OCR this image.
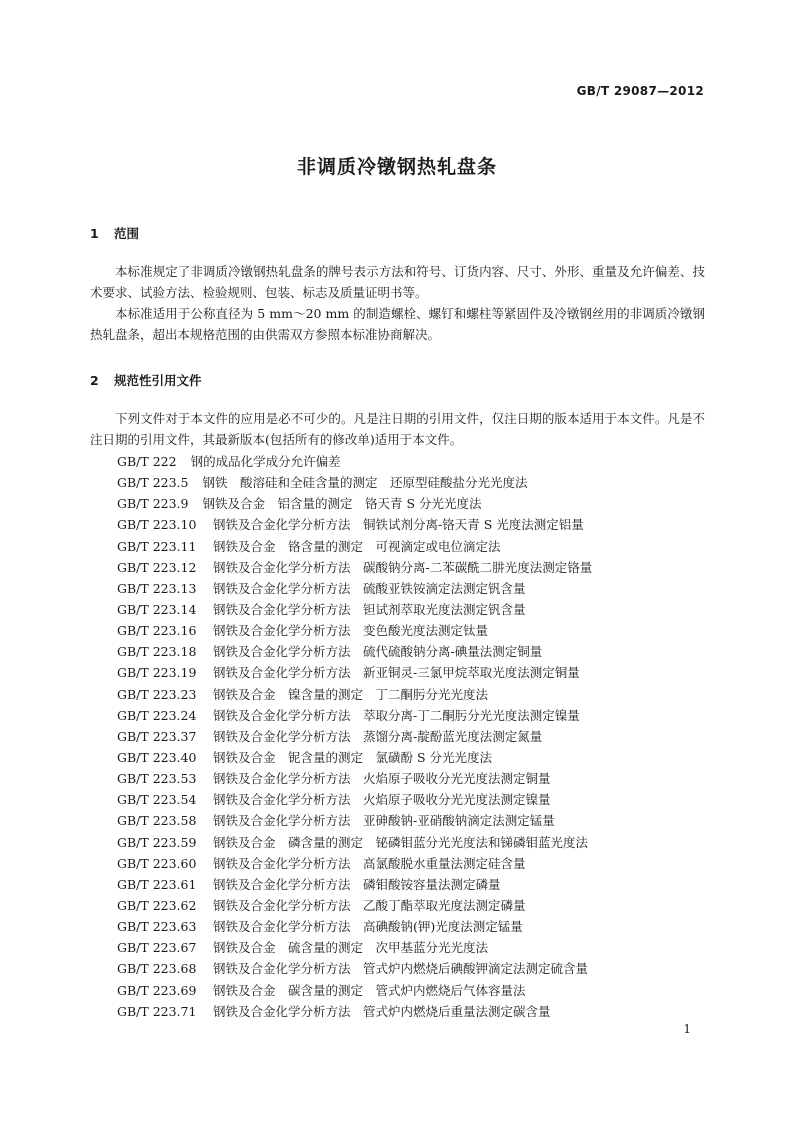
GB/T 29087—2012
非调质冷镦钢热轧盘条
1 范围
本标准规定了非调质冷镦钢热轧盘条的牌号表示方法和符号、订货内容、尺寸、外形、重量及允许偏差、技术要求、试验方法、检验规则、包装、标志及质量证明书等。
本标准适用于公称直径为 5 mm～20 mm 的制造螺栓、螺钉和螺柱等紧固件及冷镦钢丝用的非调质冷镦钢热轧盘条，超出本规格范围的由供需双方参照本标准协商解决。
2 规范性引用文件
下列文件对于本文件的应用是必不可少的。凡是注日期的引用文件，仅注日期的版本适用于本文件。凡是不注日期的引用文件，其最新版本(包括所有的修改单)适用于本文件。
GB/T 222 钢的成品化学成分允许偏差
GB/T 223.5 钢铁　酸溶硅和全硅含量的测定　还原型硅酸盐分光光度法
GB/T 223.9 钢铁及合金　铝含量的测定　铬天青 S 分光光度法
GB/T 223.10 钢铁及合金化学分析方法　铜铁试剂分离-铬天青 S 光度法测定铝量
GB/T 223.11 钢铁及合金　铬含量的测定　可视滴定或电位滴定法
GB/T 223.12 钢铁及合金化学分析方法　碳酸钠分离-二苯碳酰二肼光度法测定铬量
GB/T 223.13 钢铁及合金化学分析方法　硫酸亚铁铵滴定法测定钒含量
GB/T 223.14 钢铁及合金化学分析方法　钽试剂萃取光度法测定钒含量
GB/T 223.16 钢铁及合金化学分析方法　变色酸光度法测定钛量
GB/T 223.18 钢铁及合金化学分析方法　硫代硫酸钠分离-碘量法测定铜量
GB/T 223.19 钢铁及合金化学分析方法　新亚铜灵-三氯甲烷萃取光度法测定铜量
GB/T 223.23 钢铁及合金　镍含量的测定　丁二酮肟分光光度法
GB/T 223.24 钢铁及合金化学分析方法　萃取分离-丁二酮肟分光光度法测定镍量
GB/T 223.37 钢铁及合金化学分析方法　蒸馏分离-靛酚蓝光度法测定氮量
GB/T 223.40 钢铁及合金　铌含量的测定　氯磺酚 S 分光光度法
GB/T 223.53 钢铁及合金化学分析方法　火焰原子吸收分光光度法测定铜量
GB/T 223.54 钢铁及合金化学分析方法　火焰原子吸收分光光度法测定镍量
GB/T 223.58 钢铁及合金化学分析方法　亚砷酸钠-亚硝酸钠滴定法测定锰量
GB/T 223.59 钢铁及合金　磷含量的测定　铋磷钼蓝分光光度法和锑磷钼蓝光度法
GB/T 223.60 钢铁及合金化学分析方法　高氯酸脱水重量法测定硅含量
GB/T 223.61 钢铁及合金化学分析方法　磷钼酸铵容量法测定磷量
GB/T 223.62 钢铁及合金化学分析方法　乙酸丁酯萃取光度法测定磷量
GB/T 223.63 钢铁及合金化学分析方法　高碘酸钠(钾)光度法测定锰量
GB/T 223.67 钢铁及合金　硫含量的测定　次甲基蓝分光光度法
GB/T 223.68 钢铁及合金化学分析方法　管式炉内燃烧后碘酸钾滴定法测定硫含量
GB/T 223.69 钢铁及合金　碳含量的测定　管式炉内燃烧后气体容量法
GB/T 223.71 钢铁及合金化学分析方法　管式炉内燃烧后重量法测定碳含量
1
